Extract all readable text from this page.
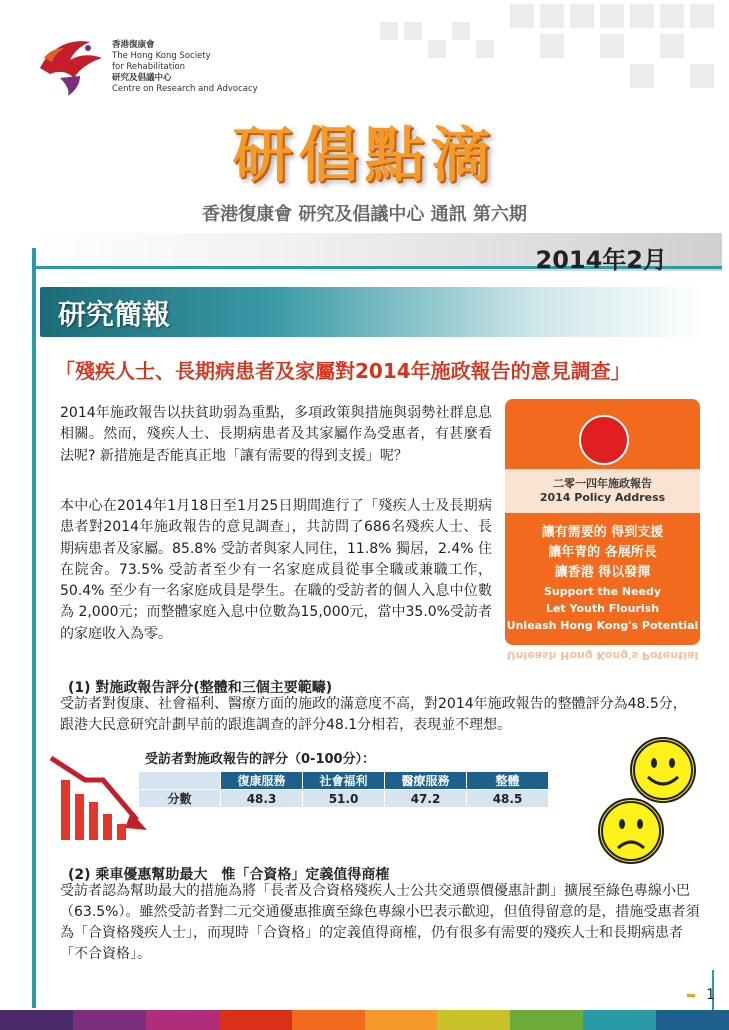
香港復康會
The Hong Kong Society
for Rehabilitation
研究及倡議中心
Centre on Research and Advocacy
研倡點滴
香港復康會 研究及倡議中心 通訊 第六期
2014年2月
研究簡報
「殘疾人士、長期病患者及家屬對2014年施政報告的意見調查」
2014年施政報告以扶貧助弱為重點，多項政策與措施與弱勢社群息息相關。然而，殘疾人士、長期病患者及其家屬作為受惠者，有甚麼看法呢? 新措施是否能真正地「讓有需要的得到支援」呢？
本中心在2014年1月18日至1月25日期間進行了「殘疾人士及長期病患者對2014年施政報告的意見調查」，共訪問了686名殘疾人士、長期病患者及家屬。85.8% 受訪者與家人同住，11.8% 獨居，2.4% 住在院舍。73.5% 受訪者至少有一名家庭成員從事全職或兼職工作，50.4% 至少有一名家庭成員是學生。在職的受訪者的個人入息中位數為 2,000元；而整體家庭入息中位數為15,000元，當中35.0%受訪者的家庭收入為零。
二零一四年施政報告
2014 Policy Address
讓有需要的 得到支援
讓年青的 各展所長
讓香港 得以發揮
Support the Needy
Let Youth Flourish
Unleash Hong Kong's Potential
Unleash Hong Kong's Potential
(1) 對施政報告評分(整體和三個主要範疇)
受訪者對復康、社會福利、醫療方面的施政的滿意度不高，對2014年施政報告的整體評分為48.5分，跟港大民意研究計劃早前的跟進調查的評分48.1分相若，表現並不理想。
受訪者對施政報告的評分（0-100分）：
	復康服務	社會福利	醫療服務	整體
分數	48.3	51.0	47.2	48.5
(2) 乘車優惠幫助最大　惟「合資格」定義值得商榷
受訪者認為幫助最大的措施為將「長者及合資格殘疾人士公共交通票價優惠計劃」擴展至綠色專線小巴（63.5%）。雖然受訪者對二元交通優惠推廣至綠色專線小巴表示歡迎，但值得留意的是，措施受惠者須為「合資格殘疾人士」，而現時「合資格」的定義值得商榷，仍有很多有需要的殘疾人士和長期病患者「不合資格」。
1
